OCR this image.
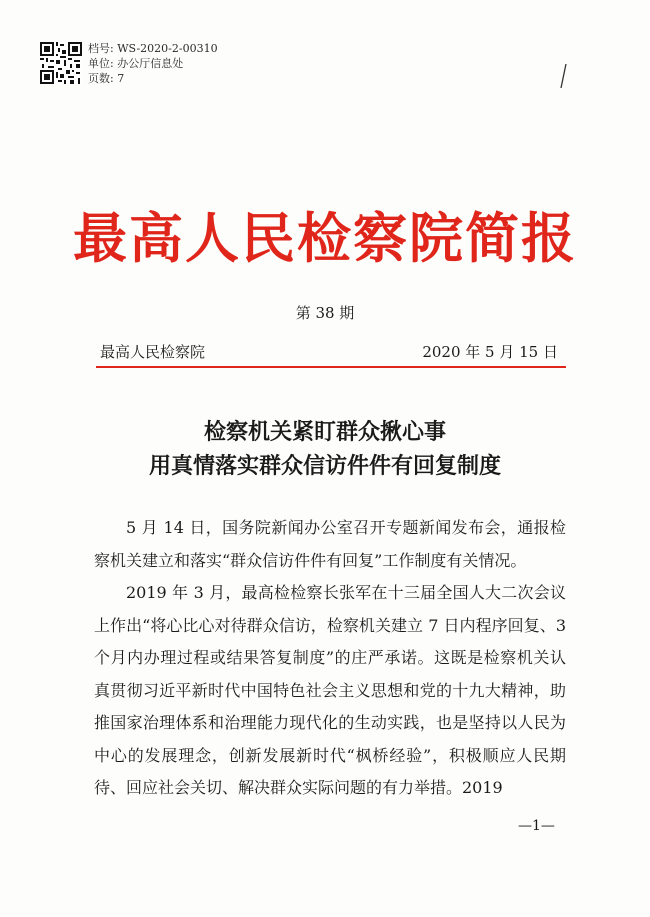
档号: WS-2020-2-00310
单位: 办公厅信息处
页数: 7
最高人民检察院简报
第 38 期
最高人民检察院	2020 年 5 月 15 日
检察机关紧盯群众揪心事
用真情落实群众信访件件有回复制度

5 月 14 日，国务院新闻办公室召开专题新闻发布会，通报检察机关建立和落实“群众信访件件有回复”工作制度有关情况。

2019 年 3 月，最高检检察长张军在十三届全国人大二次会议上作出“将心比心对待群众信访，检察机关建立 7 日内程序回复、3 个月内办理过程或结果答复制度”的庄严承诺。这既是检察机关认真贯彻习近平新时代中国特色社会主义思想和党的十九大精神，助推国家治理体系和治理能力现代化的生动实践，也是坚持以人民为中心的发展理念，创新发展新时代“枫桥经验”，积极顺应人民期待、回应社会关切、解决群众实际问题的有力举措。2019

—1—
